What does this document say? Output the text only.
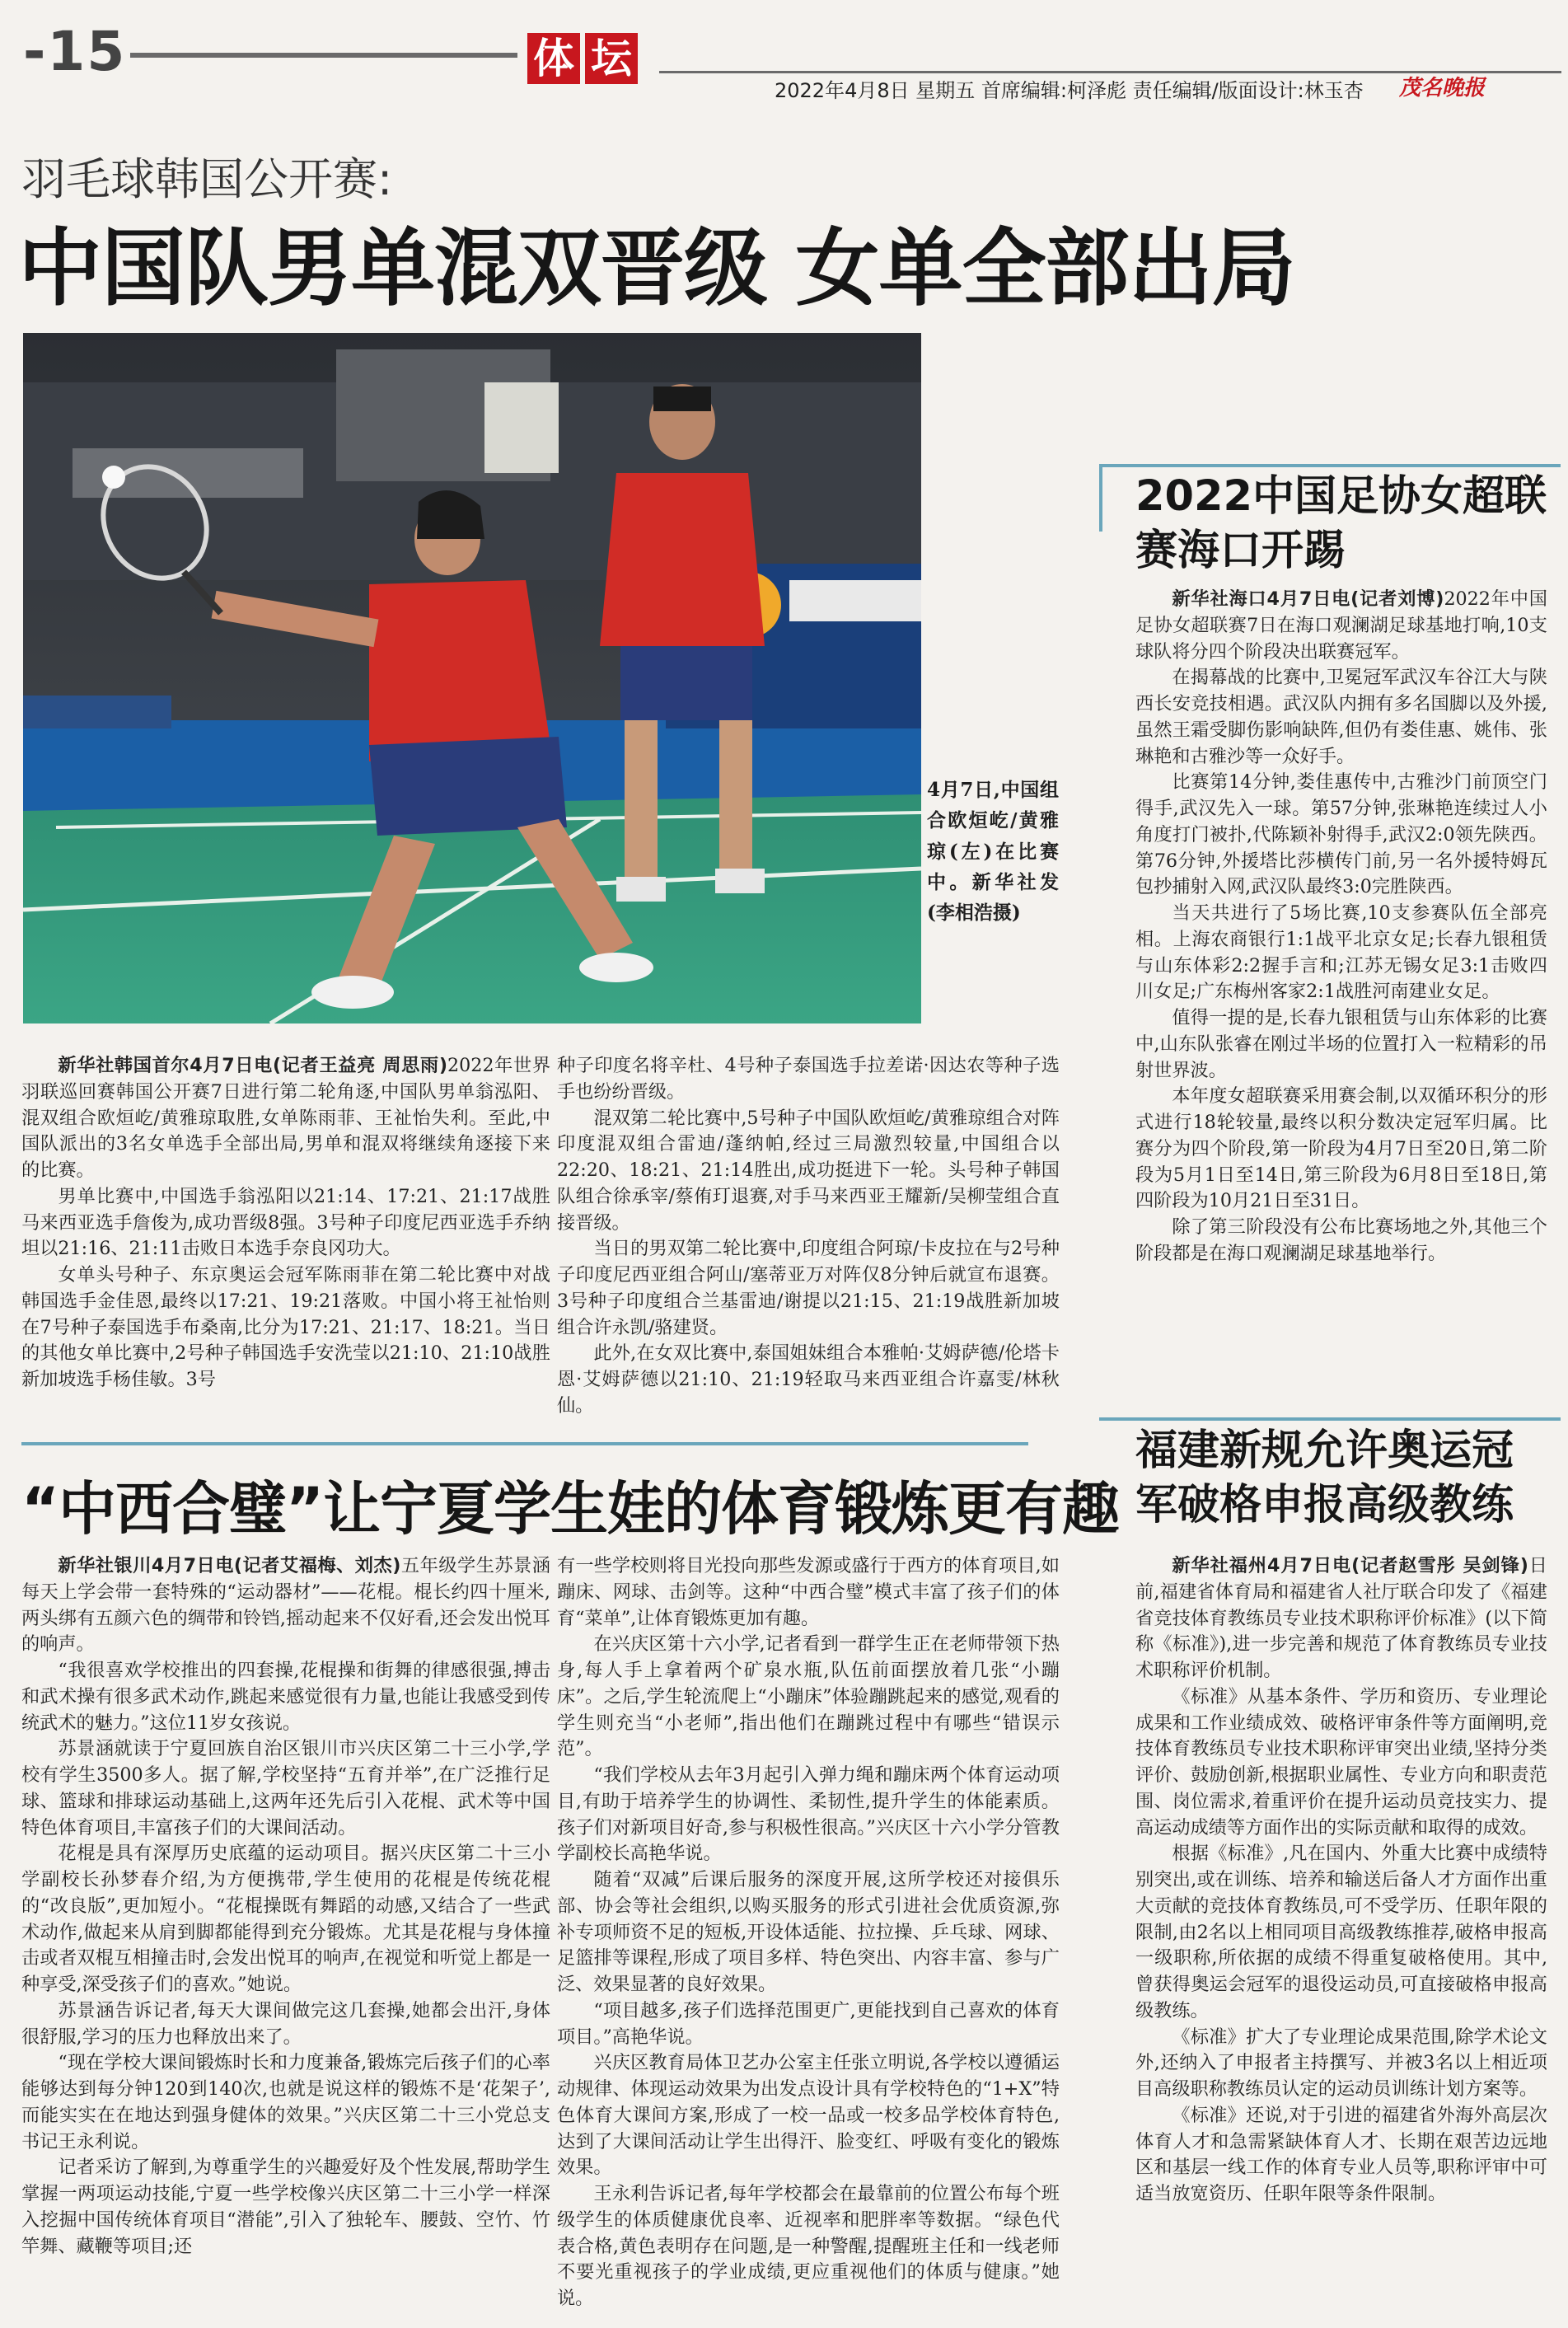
-15	体 坛
2022年4月8日 星期五 首席编辑:柯泽彪 责任编辑/版面设计:林玉杏 茂名晚报
羽毛球韩国公开赛:
中国队男单混双晋级 女单全部出局
4月7日,中国组合欧烜屹/黄雅琼(左)在比赛中。新华社发(李相浩摄)

新华社韩国首尔4月7日电(记者王益亮 周思雨)2022年世界羽联巡回赛韩国公开赛7日进行第二轮角逐,中国队男单翁泓阳、混双组合欧烜屹/黄雅琼取胜,女单陈雨菲、王祉怡失利。至此,中国队派出的3名女单选手全部出局,男单和混双将继续角逐接下来的比赛。

男单比赛中,中国选手翁泓阳以21:14、17:21、21:17战胜马来西亚选手詹俊为,成功晋级8强。3号种子印度尼西亚选手乔纳坦以21:16、21:11击败日本选手奈良冈功大。

女单头号种子、东京奥运会冠军陈雨菲在第二轮比赛中对战韩国选手金佳恩,最终以17:21、19:21落败。中国小将王祉怡则在7号种子泰国选手布桑南,比分为17:21、21:17、18:21。当日的其他女单比赛中,2号种子韩国选手安洗莹以21:10、21:10战胜新加坡选手杨佳敏。3号

种子印度名将辛杜、4号种子泰国选手拉差诺·因达农等种子选手也纷纷晋级。

混双第二轮比赛中,5号种子中国队欧烜屹/黄雅琼组合对阵印度混双组合雷迪/蓬纳帕,经过三局激烈较量,中国组合以22:20、18:21、21:14胜出,成功挺进下一轮。头号种子韩国队组合徐承宰/蔡侑玎退赛,对手马来西亚王耀新/吴柳莹组合直接晋级。

当日的男双第二轮比赛中,印度组合阿琼/卡皮拉在与2号种子印度尼西亚组合阿山/塞蒂亚万对阵仅8分钟后就宣布退赛。3号种子印度组合兰基雷迪/谢提以21:15、21:19战胜新加坡组合许永凯/骆建贤。

此外,在女双比赛中,泰国姐妹组合本雅帕·艾姆萨德/伦塔卡恩·艾姆萨德以21:10、21:19轻取马来西亚组合许嘉雯/林秋仙。

“中西合璧”让宁夏学生娃的体育锻炼更有趣

新华社银川4月7日电(记者艾福梅、刘杰)五年级学生苏景涵每天上学会带一套特殊的“运动器材”——花棍。棍长约四十厘米,两头绑有五颜六色的绸带和铃铛,摇动起来不仅好看,还会发出悦耳的响声。

“我很喜欢学校推出的四套操,花棍操和街舞的律感很强,搏击和武术操有很多武术动作,跳起来感觉很有力量,也能让我感受到传统武术的魅力。”这位11岁女孩说。

苏景涵就读于宁夏回族自治区银川市兴庆区第二十三小学,学校有学生3500多人。据了解,学校坚持“五育并举”,在广泛推行足球、篮球和排球运动基础上,这两年还先后引入花棍、武术等中国特色体育项目,丰富孩子们的大课间活动。

花棍是具有深厚历史底蕴的运动项目。据兴庆区第二十三小学副校长孙梦春介绍,为方便携带,学生使用的花棍是传统花棍的“改良版”,更加短小。“花棍操既有舞蹈的动感,又结合了一些武术动作,做起来从肩到脚都能得到充分锻炼。尤其是花棍与身体撞击或者双棍互相撞击时,会发出悦耳的响声,在视觉和听觉上都是一种享受,深受孩子们的喜欢。”她说。

苏景涵告诉记者,每天大课间做完这几套操,她都会出汗,身体很舒服,学习的压力也释放出来了。

“现在学校大课间锻炼时长和力度兼备,锻炼完后孩子们的心率能够达到每分钟120到140次,也就是说这样的锻炼不是‘花架子’,而能实实在在地达到强身健体的效果。”兴庆区第二十三小党总支书记王永利说。

记者采访了解到,为尊重学生的兴趣爱好及个性发展,帮助学生掌握一两项运动技能,宁夏一些学校像兴庆区第二十三小学一样深入挖掘中国传统体育项目“潜能”,引入了独轮车、腰鼓、空竹、竹竿舞、藏鞭等项目;还

有一些学校则将目光投向那些发源或盛行于西方的体育项目,如蹦床、网球、击剑等。这种“中西合璧”模式丰富了孩子们的体育“菜单”,让体育锻炼更加有趣。

在兴庆区第十六小学,记者看到一群学生正在老师带领下热身,每人手上拿着两个矿泉水瓶,队伍前面摆放着几张“小蹦床”。之后,学生轮流爬上“小蹦床”体验蹦跳起来的感觉,观看的学生则充当“小老师”,指出他们在蹦跳过程中有哪些“错误示范”。

“我们学校从去年3月起引入弹力绳和蹦床两个体育运动项目,有助于培养学生的协调性、柔韧性,提升学生的体能素质。孩子们对新项目好奇,参与积极性很高。”兴庆区十六小学分管教学副校长高艳华说。

随着“双减”后课后服务的深度开展,这所学校还对接俱乐部、协会等社会组织,以购买服务的形式引进社会优质资源,弥补专项师资不足的短板,开设体适能、拉拉操、乒乓球、网球、足篮排等课程,形成了项目多样、特色突出、内容丰富、参与广泛、效果显著的良好效果。

“项目越多,孩子们选择范围更广,更能找到自己喜欢的体育项目。”高艳华说。

兴庆区教育局体卫艺办公室主任张立明说,各学校以遵循运动规律、体现运动效果为出发点设计具有学校特色的“1+X”特色体育大课间方案,形成了一校一品或一校多品学校体育特色,达到了大课间活动让学生出得汗、脸变红、呼吸有变化的锻炼效果。

王永利告诉记者,每年学校都会在最靠前的位置公布每个班级学生的体质健康优良率、近视率和肥胖率等数据。“绿色代表合格,黄色表明存在问题,是一种警醒,提醒班主任和一线老师不要光重视孩子的学业成绩,更应重视他们的体质与健康。”她说。

2022中国足协女超联赛海口开踢

新华社海口4月7日电(记者刘博)2022年中国足协女超联赛7日在海口观澜湖足球基地打响,10支球队将分四个阶段决出联赛冠军。

在揭幕战的比赛中,卫冕冠军武汉车谷江大与陕西长安竞技相遇。武汉队内拥有多名国脚以及外援,虽然王霜受脚伤影响缺阵,但仍有娄佳惠、姚伟、张琳艳和古雅沙等一众好手。

比赛第14分钟,娄佳惠传中,古雅沙门前顶空门得手,武汉先入一球。第57分钟,张琳艳连续过人小角度打门被扑,代陈颖补射得手,武汉2:0领先陕西。第76分钟,外援塔比莎横传门前,另一名外援特姆瓦包抄捕射入网,武汉队最终3:0完胜陕西。

当天共进行了5场比赛,10支参赛队伍全部亮相。上海农商银行1:1战平北京女足;长春九银租赁与山东体彩2:2握手言和;江苏无锡女足3:1击败四川女足;广东梅州客家2:1战胜河南建业女足。

值得一提的是,长春九银租赁与山东体彩的比赛中,山东队张睿在刚过半场的位置打入一粒精彩的吊射世界波。

本年度女超联赛采用赛会制,以双循环积分的形式进行18轮较量,最终以积分数决定冠军归属。比赛分为四个阶段,第一阶段为4月7日至20日,第二阶段为5月1日至14日,第三阶段为6月8日至18日,第四阶段为10月21日至31日。

除了第三阶段没有公布比赛场地之外,其他三个阶段都是在海口观澜湖足球基地举行。

福建新规允许奥运冠军破格申报高级教练

新华社福州4月7日电(记者赵雪彤 吴剑锋)日前,福建省体育局和福建省人社厅联合印发了《福建省竞技体育教练员专业技术职称评价标准》(以下简称《标准》),进一步完善和规范了体育教练员专业技术职称评价机制。

《标准》从基本条件、学历和资历、专业理论成果和工作业绩成效、破格评审条件等方面阐明,竞技体育教练员专业技术职称评审突出业绩,坚持分类评价、鼓励创新,根据职业属性、专业方向和职责范围、岗位需求,着重评价在提升运动员竞技实力、提高运动成绩等方面作出的实际贡献和取得的成效。

根据《标准》,凡在国内、外重大比赛中成绩特别突出,或在训练、培养和输送后备人才方面作出重大贡献的竞技体育教练员,可不受学历、任职年限的限制,由2名以上相同项目高级教练推荐,破格申报高一级职称,所依据的成绩不得重复破格使用。其中,曾获得奥运会冠军的退役运动员,可直接破格申报高级教练。

《标准》扩大了专业理论成果范围,除学术论文外,还纳入了申报者主持撰写、并被3名以上相近项目高级职称教练员认定的运动员训练计划方案等。

《标准》还说,对于引进的福建省外海外高层次体育人才和急需紧缺体育人才、长期在艰苦边远地区和基层一线工作的体育专业人员等,职称评审中可适当放宽资历、任职年限等条件限制。
